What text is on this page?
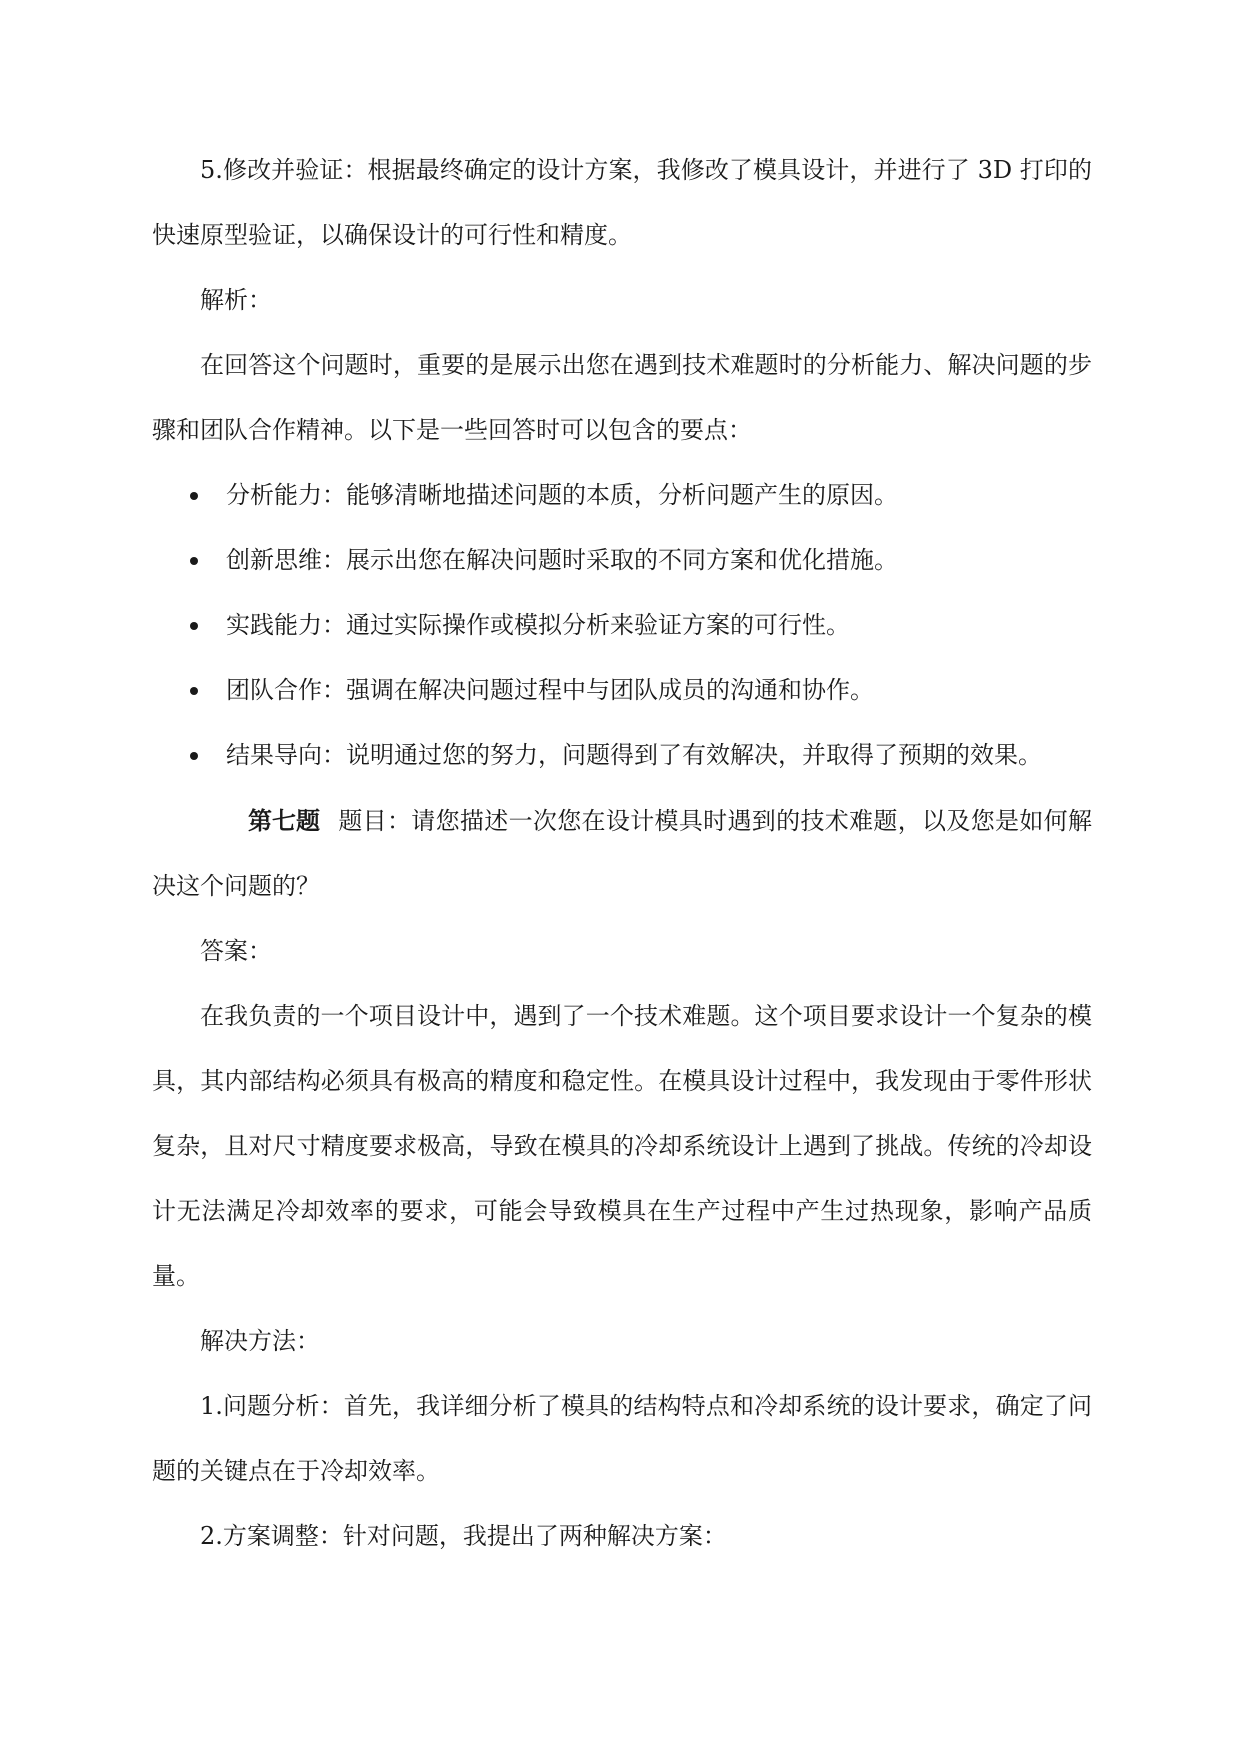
5.修改并验证：根据最终确定的设计方案，我修改了模具设计，并进行了 3D 打印的快速原型验证，以确保设计的可行性和精度。

解析：

在回答这个问题时，重要的是展示出您在遇到技术难题时的分析能力、解决问题的步骤和团队合作精神。以下是一些回答时可以包含的要点：

分析能力：能够清晰地描述问题的本质，分析问题产生的原因。
创新思维：展示出您在解决问题时采取的不同方案和优化措施。
实践能力：通过实际操作或模拟分析来验证方案的可行性。
团队合作：强调在解决问题过程中与团队成员的沟通和协作。
结果导向：说明通过您的努力，问题得到了有效解决，并取得了预期的效果。

第七题 题目：请您描述一次您在设计模具时遇到的技术难题，以及您是如何解决这个问题的？

答案：

在我负责的一个项目设计中，遇到了一个技术难题。这个项目要求设计一个复杂的模具，其内部结构必须具有极高的精度和稳定性。在模具设计过程中，我发现由于零件形状复杂，且对尺寸精度要求极高，导致在模具的冷却系统设计上遇到了挑战。传统的冷却设计无法满足冷却效率的要求，可能会导致模具在生产过程中产生过热现象，影响产品质量。

解决方法：

1.问题分析：首先，我详细分析了模具的结构特点和冷却系统的设计要求，确定了问题的关键点在于冷却效率。

2.方案调整：针对问题，我提出了两种解决方案：
